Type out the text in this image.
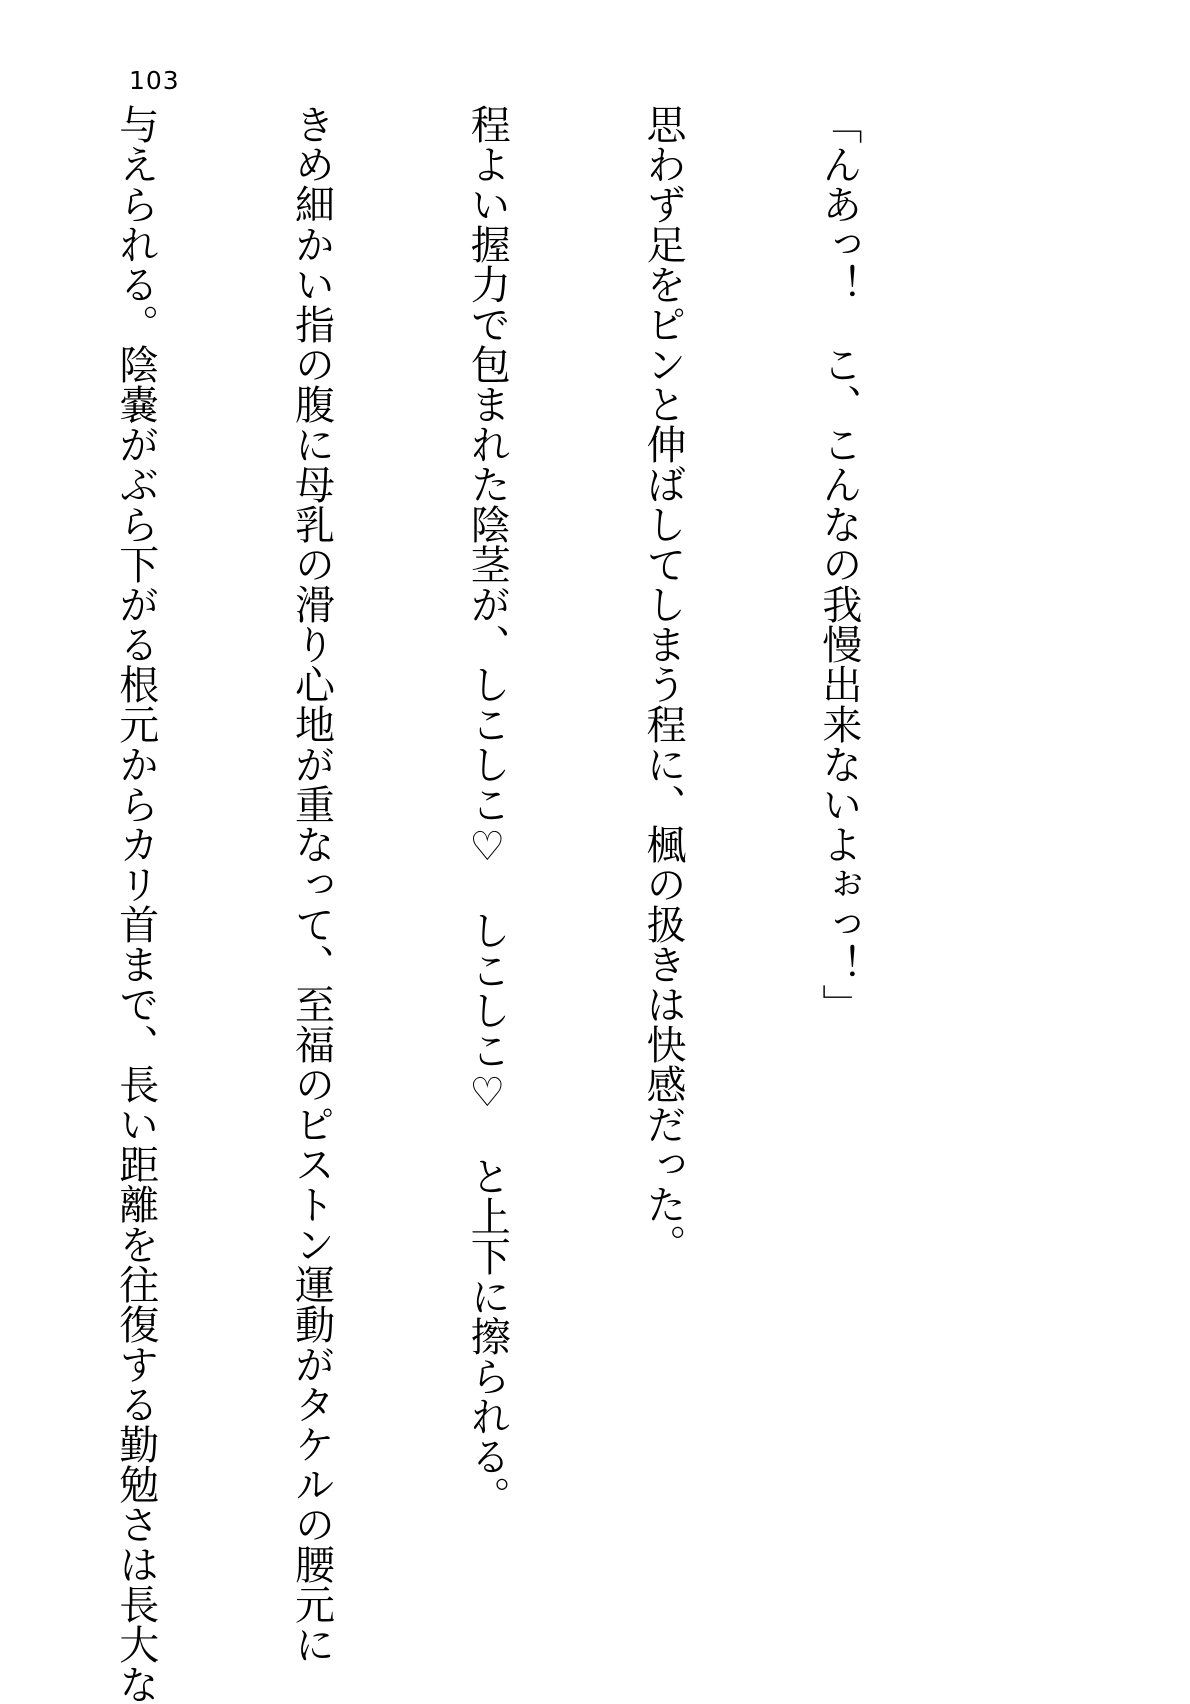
103

「んあっ！　こ、こんなの我慢出来ないよぉっ！」

思わず足をピンと伸ばしてしまう程に、楓の扱きは快感だった。

程よい握力で包まれた陰茎が、しこしこ♡　しこしこ♡　と上下に擦られる。

きめ細かい指の腹に母乳の滑り心地が重なって、至福のピストン運動がタケルの腰元に

与えられる。陰嚢がぶら下がる根元からカリ首まで、長い距離を往復する勤勉さは長大な
